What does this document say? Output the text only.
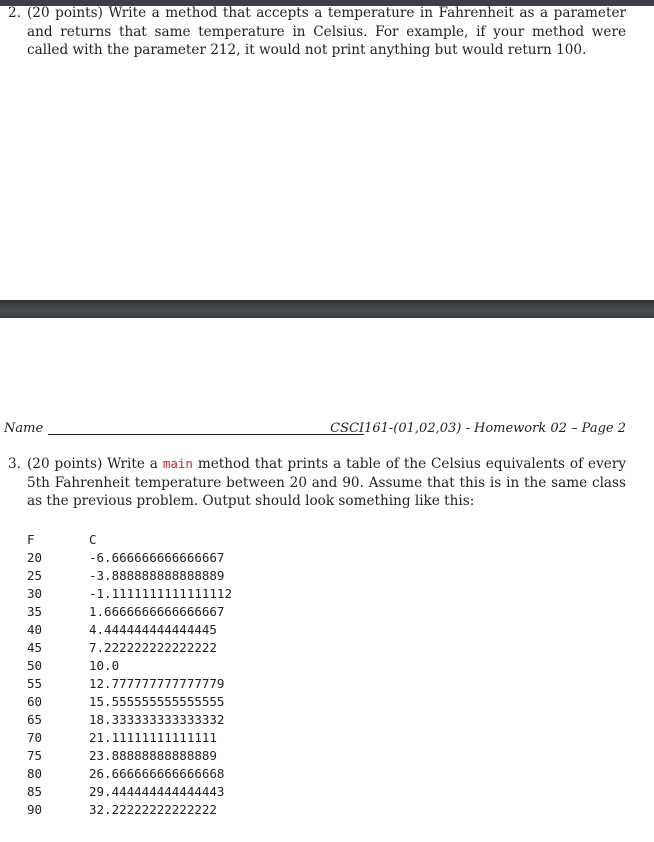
2. (20 points) Write a method that accepts a temperature in Fahrenheit as a parameter and returns that same temperature in Celsius. For example, if your method were called with the parameter 212, it would not print anything but would return 100.
Name	CSCI161-(01,02,03) - Homework 02 – Page 2
3. (20 points) Write a main method that prints a table of the Celsius equivalents of every 5th Fahrenheit temperature between 20 and 90. Assume that this is in the same class as the previous problem. Output should look something like this:
F	C
20	-6.666666666666667
25	-3.888888888888889
30	-1.1111111111111112
35	1.6666666666666667
40	4.444444444444445
45	7.222222222222222
50	10.0
55	12.777777777777779
60	15.555555555555555
65	18.333333333333332
70	21.11111111111111
75	23.88888888888889
80	26.666666666666668
85	29.444444444444443
90	32.22222222222222
